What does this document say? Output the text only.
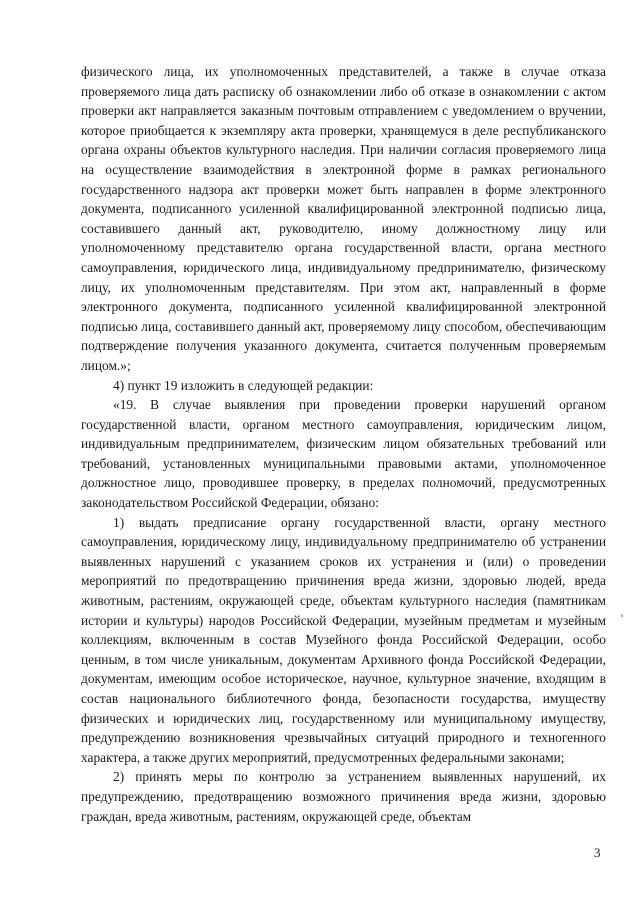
физического лица, их уполномоченных представителей, а также в случае отказа проверяемого лица дать расписку об ознакомлении либо об отказе в ознакомлении с актом проверки акт направляется заказным почтовым отправлением с уведомлением о вручении, которое приобщается к экземпляру акта проверки, хранящемуся в деле республиканского органа охраны объектов культурного наследия. При наличии согласия проверяемого лица на осуществление взаимодействия в электронной форме в рамках регионального государственного надзора акт проверки может быть направлен в форме электронного документа, подписанного усиленной квалифицированной электронной подписью лица, составившего данный акт, руководителю, иному должностному лицу или уполномоченному представителю органа государственной власти, органа местного самоуправления, юридического лица, индивидуальному предпринимателю, физическому лицу, их уполномоченным представителям. При этом акт, направленный в форме электронного документа, подписанного усиленной квалифицированной электронной подписью лица, составившего данный акт, проверяемому лицу способом, обеспечивающим подтверждение получения указанного документа, считается полученным проверяемым лицом.»;

4) пункт 19 изложить в следующей редакции:

«19. В случае выявления при проведении проверки нарушений органом государственной власти, органом местного самоуправления, юридическим лицом, индивидуальным предпринимателем, физическим лицом обязательных требований или требований, установленных муниципальными правовыми актами, уполномоченное должностное лицо, проводившее проверку, в пределах полномочий, предусмотренных законодательством Российской Федерации, обязано:

1) выдать предписание органу государственной власти, органу местного самоуправления, юридическому лицу, индивидуальному предпринимателю об устранении выявленных нарушений с указанием сроков их устранения и (или) о проведении мероприятий по предотвращению причинения вреда жизни, здоровью людей, вреда животным, растениям, окружающей среде, объектам культурного наследия (памятникам истории и культуры) народов Российской Федерации, музейным предметам и музейным коллекциям, включенным в состав Музейного фонда Российской Федерации, особо ценным, в том числе уникальным, документам Архивного фонда Российской Федерации, документам, имеющим особое историческое, научное, культурное значение, входящим в состав национального библиотечного фонда, безопасности государства, имуществу физических и юридических лиц, государственному или муниципальному имуществу, предупреждению возникновения чрезвычайных ситуаций природного и техногенного характера, а также других мероприятий, предусмотренных федеральными законами;

2) принять меры по контролю за устранением выявленных нарушений, их предупреждению, предотвращению возможного причинения вреда жизни, здоровью граждан, вреда животным, растениям, окружающей среде, объектам

3
